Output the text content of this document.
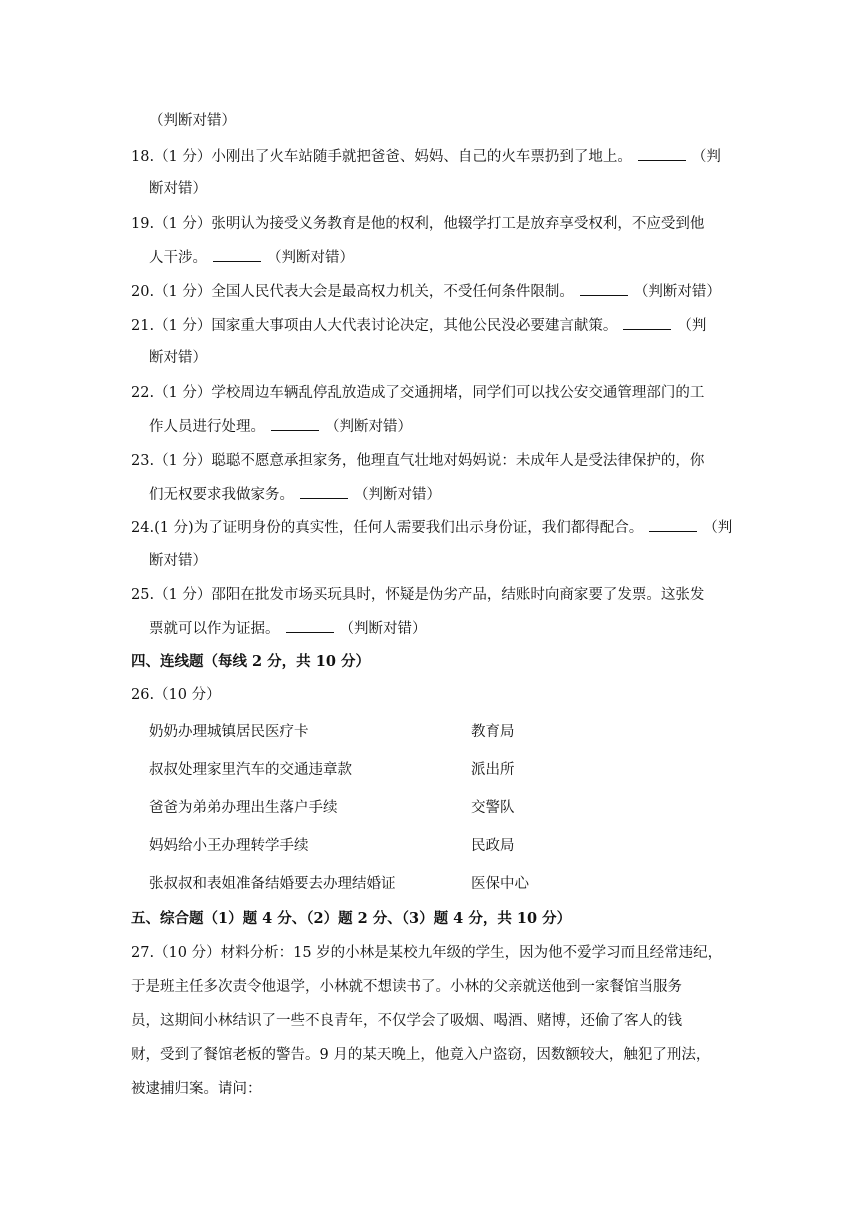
（判断对错）
18.（1 分）小刚出了火车站随手就把爸爸、妈妈、自己的火车票扔到了地上。	（判
断对错）
19.（1 分）张明认为接受义务教育是他的权利，他辍学打工是放弃享受权利，不应受到他
人干涉。	（判断对错）
20.（1 分）全国人民代表大会是最高权力机关，不受任何条件限制。	（判断对错）
21.（1 分）国家重大事项由人大代表讨论决定，其他公民没必要建言献策。	（判
断对错）
22.（1 分）学校周边车辆乱停乱放造成了交通拥堵，同学们可以找公安交通管理部门的工
作人员进行处理。	（判断对错）
23.（1 分）聪聪不愿意承担家务，他理直气壮地对妈妈说：未成年人是受法律保护的，你
们无权要求我做家务。	（判断对错）
24.(1 分)为了证明身份的真实性，任何人需要我们出示身份证，我们都得配合。	（判
断对错）
25.（1 分）邵阳在批发市场买玩具时，怀疑是伪劣产品，结账时向商家要了发票。这张发
票就可以作为证据。	（判断对错）
四、连线题（每线 2 分，共 10 分）
26.（10 分）
奶奶办理城镇居民医疗卡	教育局
叔叔处理家里汽车的交通违章款	派出所
爸爸为弟弟办理出生落户手续	交警队
妈妈给小王办理转学手续	民政局
张叔叔和表姐准备结婚要去办理结婚证	医保中心
五、综合题（1）题 4 分、（2）题 2 分、（3）题 4 分，共 10 分）
27.（10 分）材料分析：15 岁的小林是某校九年级的学生，因为他不爱学习而且经常违纪，
于是班主任多次责令他退学，小林就不想读书了。小林的父亲就送他到一家餐馆当服务
员，这期间小林结识了一些不良青年，不仅学会了吸烟、喝酒、赌博，还偷了客人的钱
财，受到了餐馆老板的警告。9 月的某天晚上，他竟入户盗窃，因数额较大，触犯了刑法，
被逮捕归案。请问：
